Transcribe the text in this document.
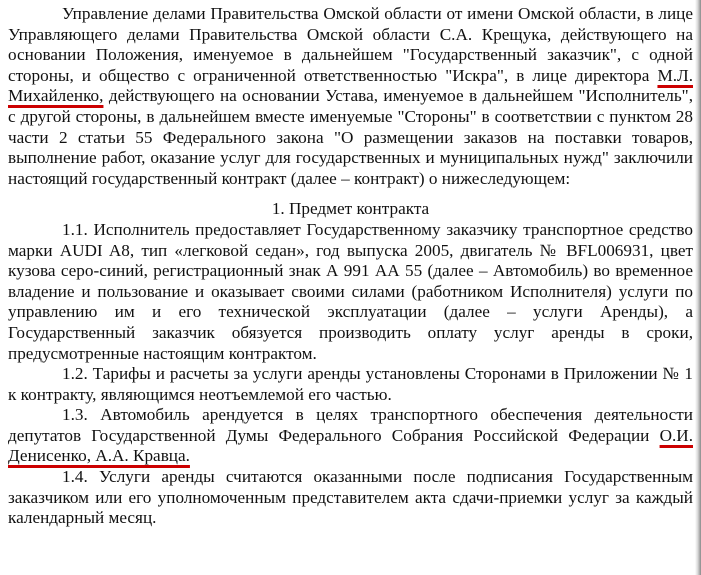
Управление делами Правительства Омской области от имени Омской области, в лице Управляющего делами Правительства Омской области С.А. Крещука, действующего на основании Положения, именуемое в дальнейшем "Государственный заказчик", с одной стороны, и общество с ограниченной ответственностью "Искра", в лице директора М.Л. Михайленко, действующего на основании Устава, именуемое в дальнейшем "Исполнитель", с другой стороны, в дальнейшем вместе именуемые "Стороны" в соответствии с пунктом 28 части 2 статьи 55 Федерального закона "О размещении заказов на поставки товаров, выполнение работ, оказание услуг для государственных и муниципальных нужд" заключили настоящий государственный контракт (далее – контракт) о нижеследующем:

1. Предмет контракта

1.1. Исполнитель предоставляет Государственному заказчику транспортное средство марки AUDI A8, тип «легковой седан», год выпуска 2005, двигатель № BFL006931, цвет кузова серо-синий, регистрационный знак А 991 АА 55 (далее – Автомобиль) во временное владение и пользование и оказывает своими силами (работником Исполнителя) услуги по управлению им и его технической эксплуатации (далее – услуги Аренды), а Государственный заказчик обязуется производить оплату услуг аренды в сроки, предусмотренные настоящим контрактом.

1.2. Тарифы и расчеты за услуги аренды установлены Сторонами в Приложении № 1 к контракту, являющимся неотъемлемой его частью.

1.3. Автомобиль арендуется в целях транспортного обеспечения деятельности депутатов Государственной Думы Федерального Собрания Российской Федерации О.И. Денисенко, А.А. Кравца.

1.4. Услуги аренды считаются оказанными после подписания Государственным заказчиком или его уполномоченным представителем акта сдачи-приемки услуг за каждый календарный месяц.
